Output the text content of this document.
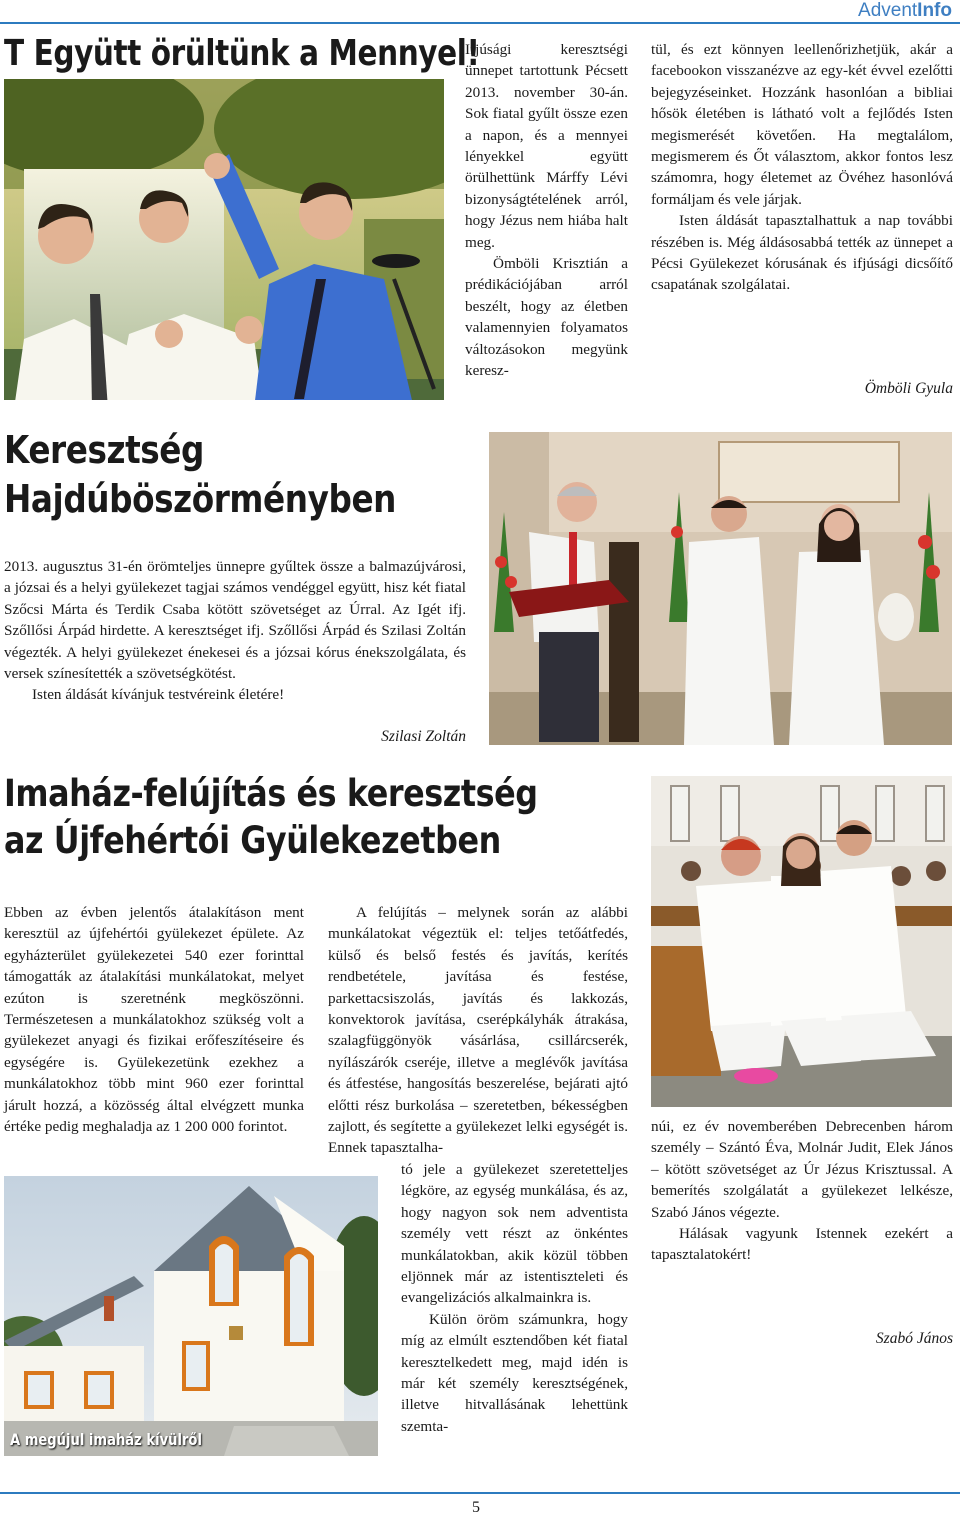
AdventInfo
T Együtt örültünk a Mennyel!

Ifjúsági keresztségi ünnepet tartottunk Pécsett 2013. november 30-án. Sok fiatal gyűlt össze ezen a napon, és a mennyei lényekkel együtt örülhettünk Márffy Lévi bizonyságtételének arról, hogy Jézus nem hiába halt meg.

Ömböli Krisztián a prédikációjában arról beszélt, hogy az életben valamennyien folyamatos változásokon megyünk keresz-

tül, és ezt könnyen leellenőrizhetjük, akár a facebookon visszanézve az egy-két évvel ezelőtti bejegyzéseinket. Hozzánk hasonlóan a bibliai hősök életében is látható volt a fejlődés Isten megismerését követően. Ha megtalálom, megismerem és Őt választom, akkor fontos lesz számomra, hogy életemet az Övéhez hasonlóvá formáljam és vele járjak.

Isten áldását tapasztalhattuk a nap további részében is. Még áldásosabbá tették az ünnepet a Pécsi Gyülekezet kórusának és ifjúsági dicsőítő csapatának szolgálatai.

Ömböli Gyula
Keresztség
Hajdúböszörményben

2013. augusztus 31-én örömteljes ünnepre gyűltek össze a balmazújvárosi, a józsai és a helyi gyülekezet tagjai számos vendéggel együtt, hisz két fiatal Szőcsi Márta és Terdik Csaba kötött szövetséget az Úrral. Az Igét ifj. Szőllősi Árpád hirdette. A keresztséget ifj. Szőllősi Árpád és Szilasi Zoltán végezték. A helyi gyülekezet énekesei és a józsai kórus énekszolgálata, és versek színesítették a szövetségkötést.

Isten áldását kívánjuk testvéreink életére!

Szilasi Zoltán
Imaház-felújítás és keresztség
az Újfehértói Gyülekezetben

Ebben az évben jelentős átalakításon ment keresztül az újfehértói gyülekezet épülete. Az egyházterület gyülekezetei 540 ezer forinttal támogatták az átalakítási munkálatokat, melyet ezúton is szeretnénk megköszönni. Természetesen a munkálatokhoz szükség volt a gyülekezet anyagi és fizikai erőfeszítéseire és egységére is. Gyülekezetünk ezekhez a munkálatokhoz több mint 960 ezer forinttal járult hozzá, a közösség által elvégzett munka értéke pedig meghaladja az 1 200 000 forintot.

A felújítás – melynek során az alábbi munkálatokat végeztük el: teljes tetőátfedés, külső és belső festés és javítás, kerítés rendbetétele, javítása és festése, parkettacsiszolás, javítás és lakkozás, konvektorok javítása, cserépkályhák átrakása, szalagfüggönyök vásárlása, csillárcserék, nyílászárók cseréje, illetve a meglévők javítása és átfestése, hangosítás beszerelése, bejárati ajtó előtti rész burkolása – szeretetben, békességben zajlott, és segítette a gyülekezet lelki egységét is. Ennek tapasztalha-

tó jele a gyülekezet szeretetteljes légköre, az egység munkálása, és az, hogy nagyon sok nem adventista személy vett részt az önkéntes munkálatokban, akik közül többen eljönnek már az istentiszteleti és evangelizációs alkalmainkra is.

Külön öröm számunkra, hogy míg az elmúlt esztendőben két fiatal keresztelkedett meg, majd idén is már két személy keresztségének, illetve hitvallásának lehettünk szemta-

núi, ez év novemberében Debrecenben három személy – Szántó Éva, Molnár Judit, Elek János – kötött szövetséget az Úr Jézus Krisztussal. A bemerítés szolgálatát a gyülekezet lelkésze, Szabó János végezte.

Hálásak vagyunk Istennek ezekért a tapasztalatokért!

Szabó János
A megújul imaház kívülről
5
